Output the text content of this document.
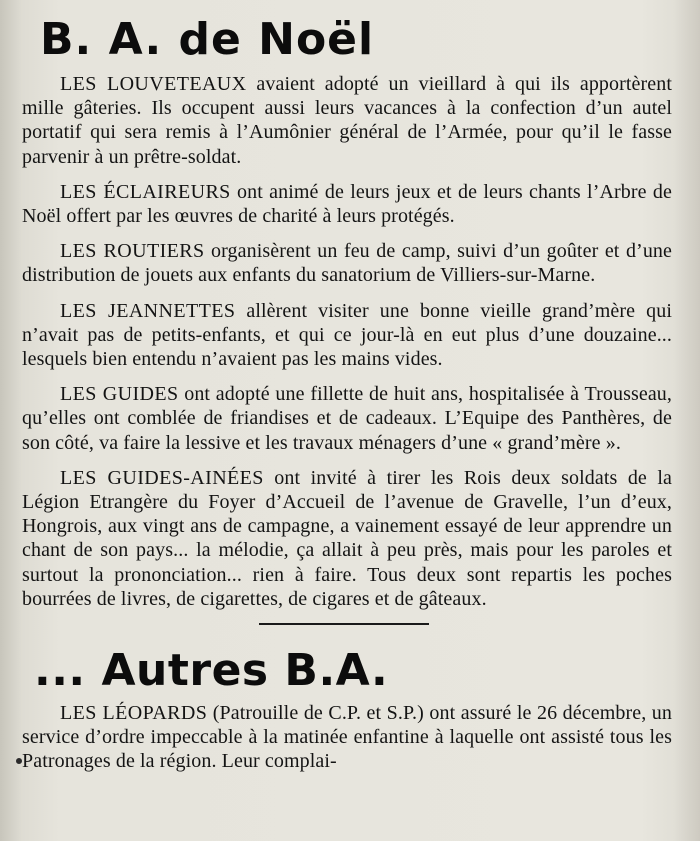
B. A. de Noël

LES LOUVETEAUX avaient adopté un vieillard à qui ils apportèrent mille gâteries. Ils occupent aussi leurs vacances à la confection d’un autel portatif qui sera remis à l’Aumônier général de l’Armée, pour qu’il le fasse parvenir à un prêtre-soldat.

LES ÉCLAIREURS ont animé de leurs jeux et de leurs chants l’Arbre de Noël offert par les œuvres de charité à leurs protégés.

LES ROUTIERS organisèrent un feu de camp, suivi d’un goûter et d’une distribution de jouets aux enfants du sanatorium de Villiers-sur-Marne.

LES JEANNETTES allèrent visiter une bonne vieille grand’mère qui n’avait pas de petits-enfants, et qui ce jour-là en eut plus d’une douzaine... lesquels bien entendu n’avaient pas les mains vides.

LES GUIDES ont adopté une fillette de huit ans, hospitalisée à Trousseau, qu’elles ont comblée de friandises et de cadeaux. L’Equipe des Panthères, de son côté, va faire la lessive et les travaux ménagers d’une « grand’mère ».

LES GUIDES-AINÉES ont invité à tirer les Rois deux soldats de la Légion Etrangère du Foyer d’Accueil de l’avenue de Gravelle, l’un d’eux, Hongrois, aux vingt ans de campagne, a vainement essayé de leur apprendre un chant de son pays... la mélodie, ça allait à peu près, mais pour les paroles et surtout la prononciation... rien à faire. Tous deux sont repartis les poches bourrées de livres, de cigarettes, de cigares et de gâteaux.

... Autres B.A.

LES LÉOPARDS (Patrouille de C.P. et S.P.) ont assuré le 26 décembre, un service d’ordre impeccable à la matinée enfantine à laquelle ont assisté tous les Patronages de la région. Leur complai-
